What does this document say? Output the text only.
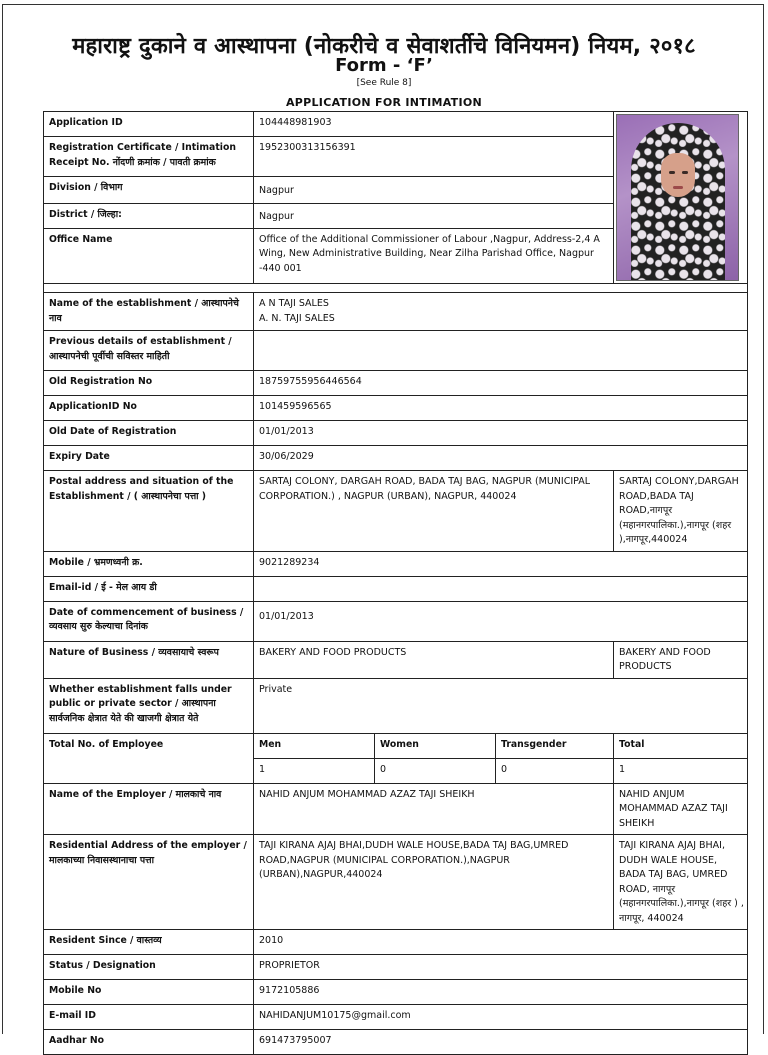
महाराष्ट्र दुकाने व आस्थापना (नोकरीचे व सेवाशर्तीचे विनियमन) नियम, २०१८
Form - ‘F’
[See Rule 8]
APPLICATION FOR INTIMATION
Application ID	104448981903			

Registration Certificate / Intimation Receipt No. नोंदणी क्रमांक / पावती क्रमांक	1952300313156391			
Division / विभाग	Nagpur			
District / जिल्हा:	Nagpur			
Office Name	Office of the Additional Commissioner of Labour ,Nagpur, Address-2,4 A Wing, New Administrative Building, Near Zilha Parishad Office, Nagpur -440 001			

Name of the establishment / आस्थापनेचे नाव	A N TAJI SALES
A. N. TAJI SALES			

Previous details of establishment / आस्थापनेची पूर्वीची सविस्तर माहिती				
Old Registration No	18759755956446564			
ApplicationID No	101459596565			
Old Date of Registration	01/01/2013			
Expiry Date	30/06/2029			
Postal address and situation of the Establishment / ( आस्थापनेचा पत्ता )	SARTAJ COLONY, DARGAH ROAD, BADA TAJ BAG, NAGPUR (MUNICIPAL CORPORATION.) , NAGPUR (URBAN), NAGPUR, 440024			SARTAJ COLONY,DARGAH ROAD,BADA TAJ ROAD,नागपूर (महानगरपालिका.),नागपूर (शहर ),नागपूर,440024
Mobile / भ्रमणध्वनी क्र.	9021289234			
Email-id / ई - मेल आय डी				
Date of commencement of business / व्यवसाय सुरु केल्याचा दिनांक	01/01/2013			
Nature of Business / व्यवसायाचे स्वरूप	BAKERY AND FOOD PRODUCTS			BAKERY AND FOOD PRODUCTS
Whether establishment falls under public or private sector / आस्थापना सार्वजनिक क्षेत्रात येते की खाजगी क्षेत्रात येते	Private			
Total No. of Employee	Men	Women	Transgender	Total
	1	0	0	1
Name of the Employer / मालकाचे नाव	NAHID ANJUM MOHAMMAD AZAZ TAJI SHEIKH			NAHID ANJUM MOHAMMAD AZAZ TAJI SHEIKH
Residential Address of the employer / मालकाच्या निवासस्थानाचा पत्ता	TAJI KIRANA AJAJ BHAI,DUDH WALE HOUSE,BADA TAJ BAG,UMRED ROAD,NAGPUR (MUNICIPAL CORPORATION.),NAGPUR (URBAN),NAGPUR,440024			TAJI KIRANA AJAJ BHAI, DUDH WALE HOUSE, BADA TAJ BAG, UMRED ROAD, नागपूर (महानगरपालिका.),नागपूर (शहर ) , नागपूर, 440024
Resident Since / वास्तव्य	2010			
Status / Designation	PROPRIETOR			
Mobile No	9172105886			
E-mail ID	NAHIDANJUM10175@gmail.com			
Aadhar No	691473795007			
